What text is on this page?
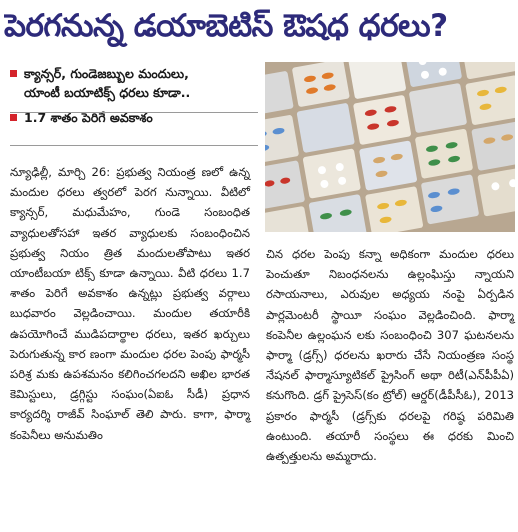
పెరగనున్న డయాబెటిస్ ఔషధ ధరలు?
క్యాన్సర్, గుండెజబ్బుల మందులు,
యాంటీ బయాటిక్స్ ధరలు కూడా..
1.7 శాతం పెరిగే అవకాశం

న్యూఢిల్లీ, మార్చి 26: ప్రభుత్వ నియంత్ర ణలో ఉన్న మందుల ధరలు త్వరలో పెరగ నున్నాయి. వీటిలో క్యాన్సర్, మధుమేహం, గుండె సంబంధిత వ్యాధులతోసహా ఇతర వ్యాధులకు సంబంధించిన ప్రభుత్వ నియం త్రిత మందులతోపాటు ఇతర యాంటీబయా టిక్స్ కూడా ఉన్నాయి. వీటి ధరలు 1.7 శాతం పెరిగే అవకాశం ఉన్నట్లు ప్రభుత్వ వర్గాలు బుధవారం వెల్లడించాయి. మందుల తయారీకి ఉపయోగించే ముడిపదార్థాల ధరలు, ఇతర ఖర్చులు పెరుగుతున్న కార ణంగా మందుల ధరల పెంపు ఫార్మసీ పరిశ్ర మకు ఉపశమనం కలిగించగలదని అఖిల భారత కెమిస్టులు, డ్రగ్గిస్టు సంఘం(ఏఐఓ సీడీ) ప్రధాన కార్యదర్శి రాజీవ్ సింఘాల్ తెలి పారు. కాగా, ఫార్మా కంపెనీలు అనుమతిం

చిన ధరల పెంపు కన్నా అధికంగా మందుల ధరలు పెంచుతూ నిబంధనలను ఉల్లంఘిస్తు న్నాయని రసాయనాలు, ఎరువుల అధ్యయ నంపై ఏర్పడిన పార్లమెంటరీ స్థాయీ సంఘం వెల్లడించింది. ఫార్మా కంపెనీల ఉల్లంఘన లకు సంబంధించి 307 ఘటనలను ఫార్మా (డ్రగ్స్) ధరలను ఖరారు చేసే నియంత్రణ సంస్థ నేషనల్ ఫార్మాస్యూటికల్ ప్రైసింగ్ అథా రిటీ(ఎన్‌పీపీఏ) కనుగొంది. డ్రగ్ ప్రైసెస్(కం ట్రోల్) ఆర్డర్(డీపీసీఓ), 2013 ప్రకారం ఫార్మసీ (డ్రగ్స్‌కు ధరలపై గరిష్ఠ పరిమితి ఉంటుంది. తయారీ సంస్థలు ఈ ధరకు మించి ఉత్పత్తులను అమ్మరాదు.
